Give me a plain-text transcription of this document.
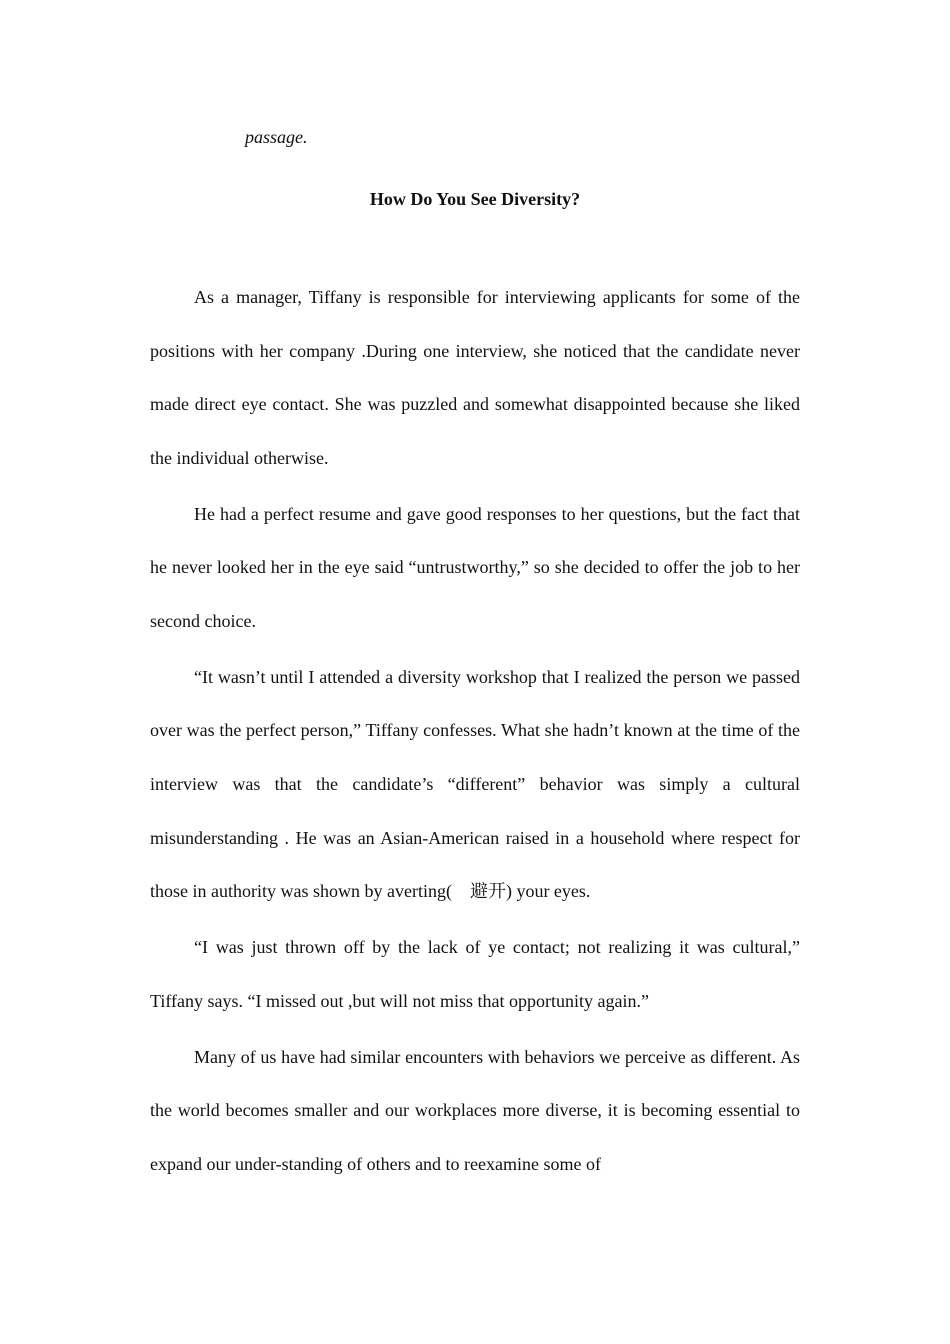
passage.

How Do You See Diversity?

As a manager, Tiffany is responsible for interviewing applicants for some of the positions with her company .During one interview, she noticed that the candidate never made direct eye contact. She was puzzled and somewhat disappointed because she liked the individual otherwise.

He had a perfect resume and gave good responses to her questions, but the fact that he never looked her in the eye said “untrustworthy,” so she decided to offer the job to her second choice.

“It wasn’t until I attended a diversity workshop that I realized the person we passed over was the perfect person,” Tiffany confesses. What she hadn’t known at the time of the interview was that the candidate’s “different” behavior was simply a cultural misunderstanding . He was an Asian-American raised in a household where respect for those in authority was shown by averting(　避开) your eyes.

“I was just thrown off by the lack of ye contact; not realizing it was cultural,” Tiffany says. “I missed out ,but will not miss that opportunity again.”

Many of us have had similar encounters with behaviors we perceive as different. As the world becomes smaller and our workplaces more diverse, it is becoming essential to expand our under-standing of others and to reexamine some of
